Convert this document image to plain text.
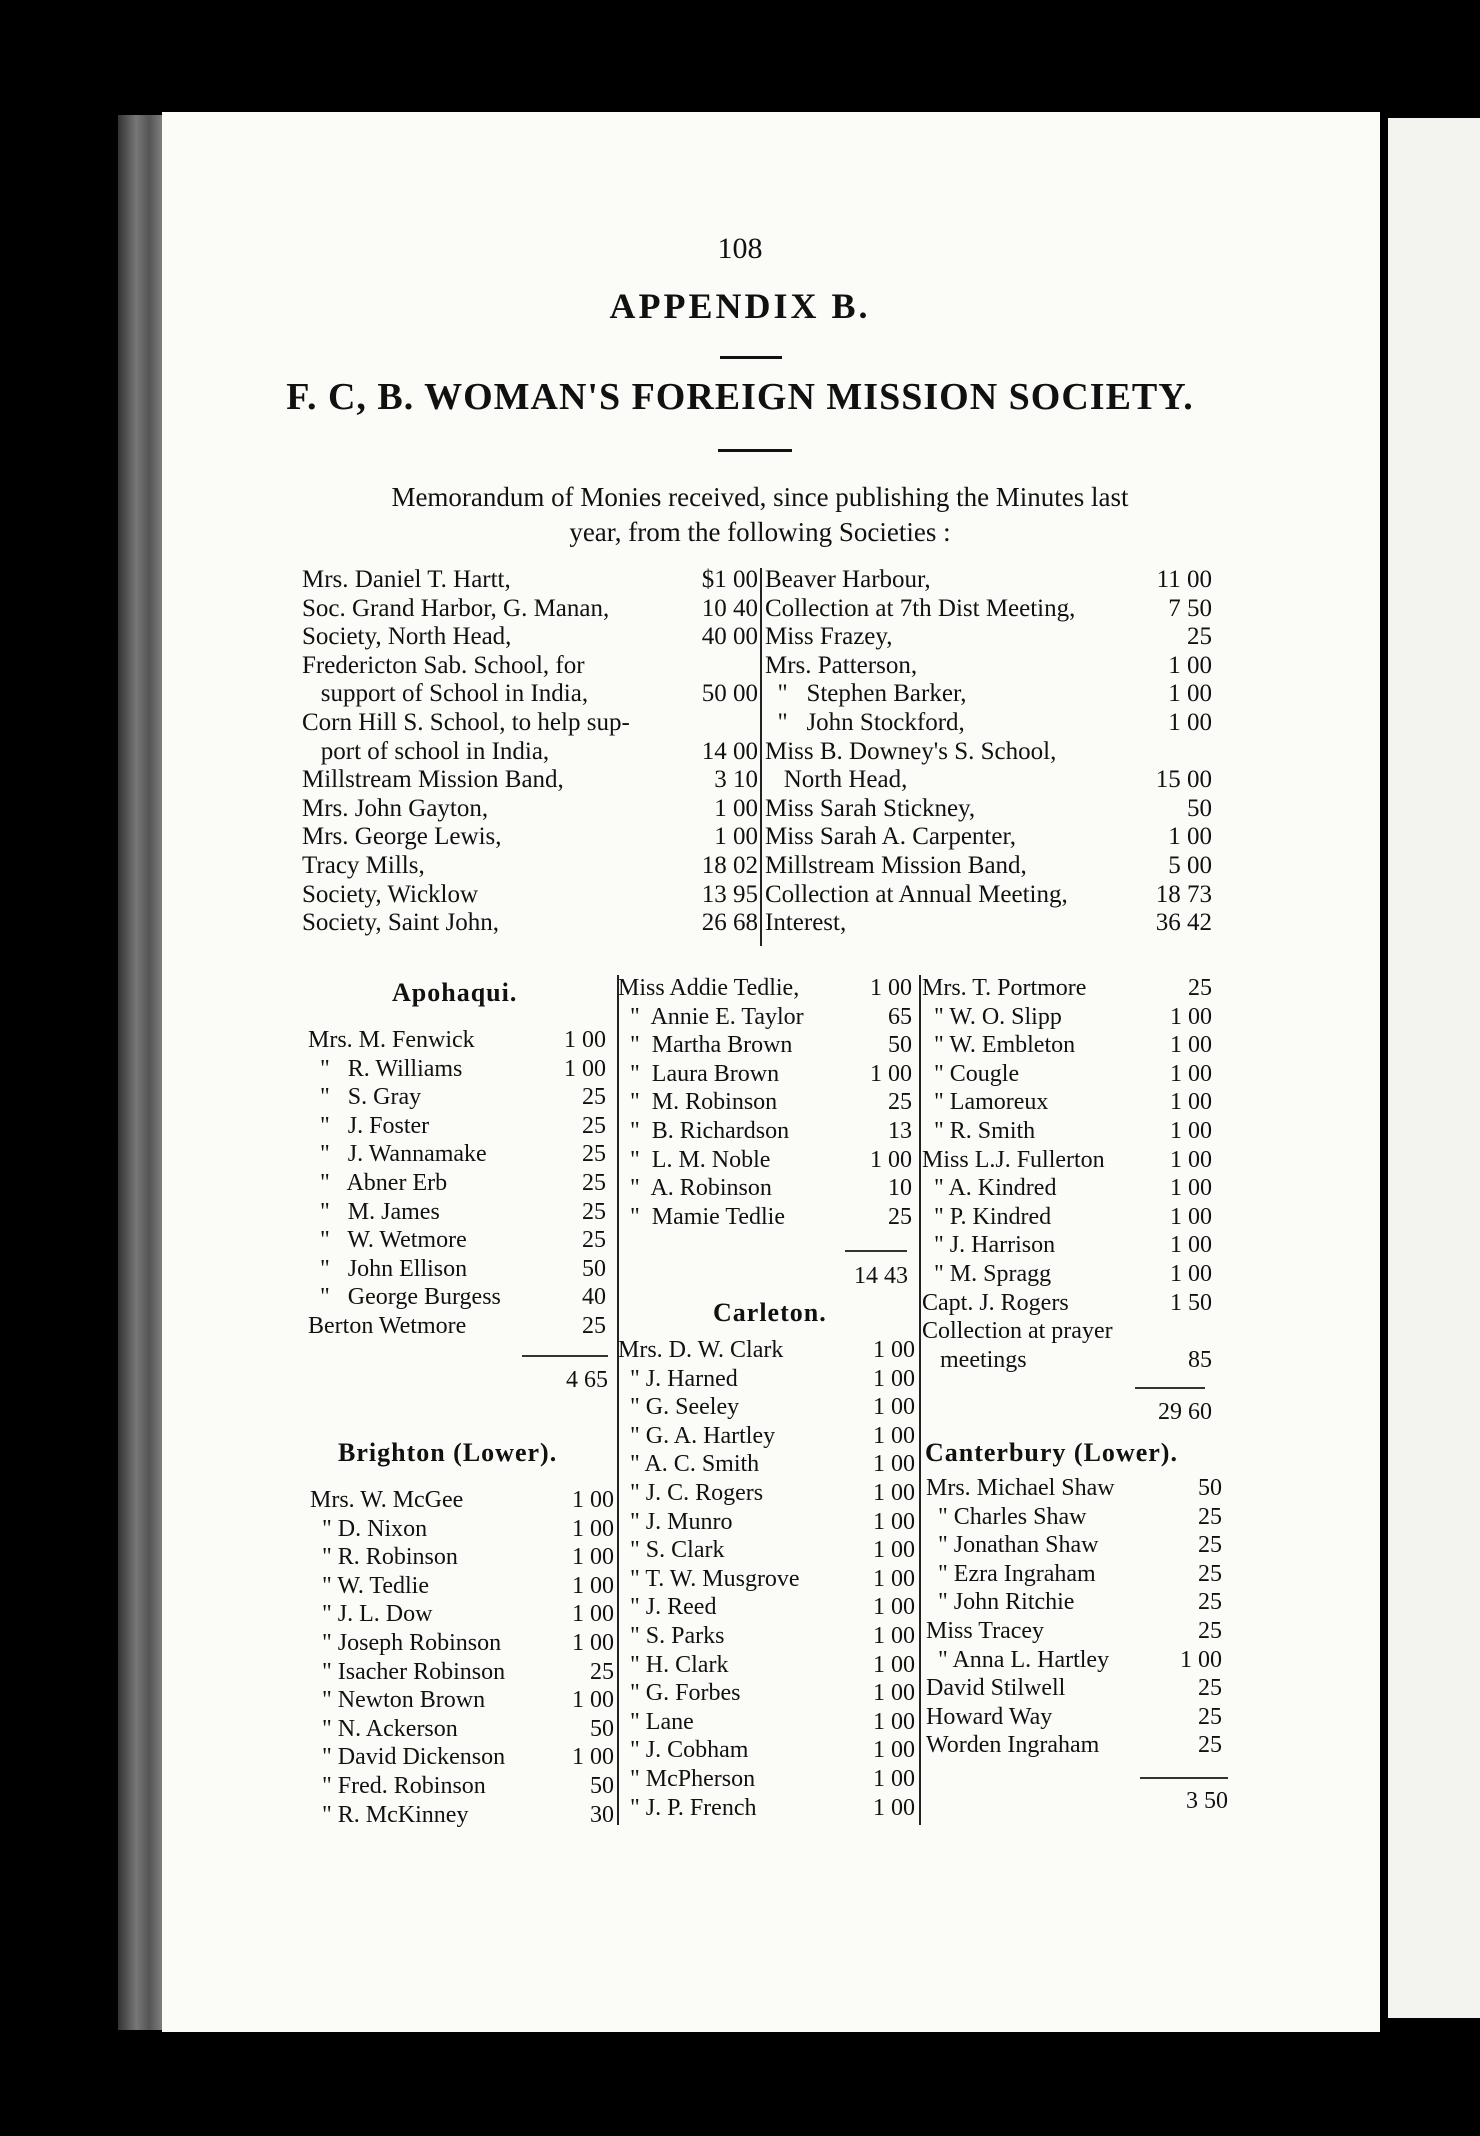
108
APPENDIX B.
F. C, B. WOMAN'S FOREIGN MISSION SOCIETY.
Memorandum of Monies received, since publishing the Minutes last
year, from the following Societies :
Mrs. Daniel T. Hartt,	$1 00
Soc. Grand Harbor, G. Manan,	10 40
Society, North Head,	40 00
Fredericton Sab. School, for
support of School in India,	50 00
Corn Hill S. School, to help sup-
port of school in India,	14 00
Millstream Mission Band,	3 10
Mrs. John Gayton,	1 00
Mrs. George Lewis,	1 00
Tracy Mills,	18 02
Society, Wicklow	13 95
Society, Saint John,	26 68
Beaver Harbour,	11 00
Collection at 7th Dist Meeting,	7 50
Miss Frazey,	25
Mrs. Patterson,	1 00
"   Stephen Barker,	1 00
"   John Stockford,	1 00
Miss B. Downey's S. School,
North Head,	15 00
Miss Sarah Stickney,	50
Miss Sarah A. Carpenter,	1 00
Millstream Mission Band,	5 00
Collection at Annual Meeting,	18 73
Interest,	36 42
Apohaqui.
Mrs. M. Fenwick	1 00
"   R. Williams	1 00
"   S. Gray	25
"   J. Foster	25
"   J. Wannamake	25
"   Abner Erb	25
"   M. James	25
"   W. Wetmore	25
"   John Ellison	50
"   George Burgess	40
Berton Wetmore	25
4 65
Brighton (Lower).
Mrs. W. McGee	1 00
" D. Nixon	1 00
" R. Robinson	1 00
" W. Tedlie	1 00
" J. L. Dow	1 00
" Joseph Robinson	1 00
" Isacher Robinson	25
" Newton Brown	1 00
" N. Ackerson	50
" David Dickenson	1 00
" Fred. Robinson	50
" R. McKinney	30
Miss Addie Tedlie,	1 00
"  Annie E. Taylor	65
"  Martha Brown	50
"  Laura Brown	1 00
"  M. Robinson	25
"  B. Richardson	13
"  L. M. Noble	1 00
"  A. Robinson	10
"  Mamie Tedlie	25
14 43
Carleton.
Mrs. D. W. Clark	1 00
" J. Harned	1 00
" G. Seeley	1 00
" G. A. Hartley	1 00
" A. C. Smith	1 00
" J. C. Rogers	1 00
" J. Munro	1 00
" S. Clark	1 00
" T. W. Musgrove	1 00
" J. Reed	1 00
" S. Parks	1 00
" H. Clark	1 00
" G. Forbes	1 00
" Lane	1 00
" J. Cobham	1 00
" McPherson	1 00
" J. P. French	1 00
Mrs. T. Portmore	25
" W. O. Slipp	1 00
" W. Embleton	1 00
" Cougle	1 00
" Lamoreux	1 00
" R. Smith	1 00
Miss L.J. Fullerton	1 00
" A. Kindred	1 00
" P. Kindred	1 00
" J. Harrison	1 00
" M. Spragg	1 00
Capt. J. Rogers	1 50
Collection at prayer
meetings	85
29 60
Canterbury (Lower).
Mrs. Michael Shaw	50
" Charles Shaw	25
" Jonathan Shaw	25
" Ezra Ingraham	25
" John Ritchie	25
Miss Tracey	25
" Anna L. Hartley	1 00
David Stilwell	25
Howard Way	25
Worden Ingraham	25
3 50
